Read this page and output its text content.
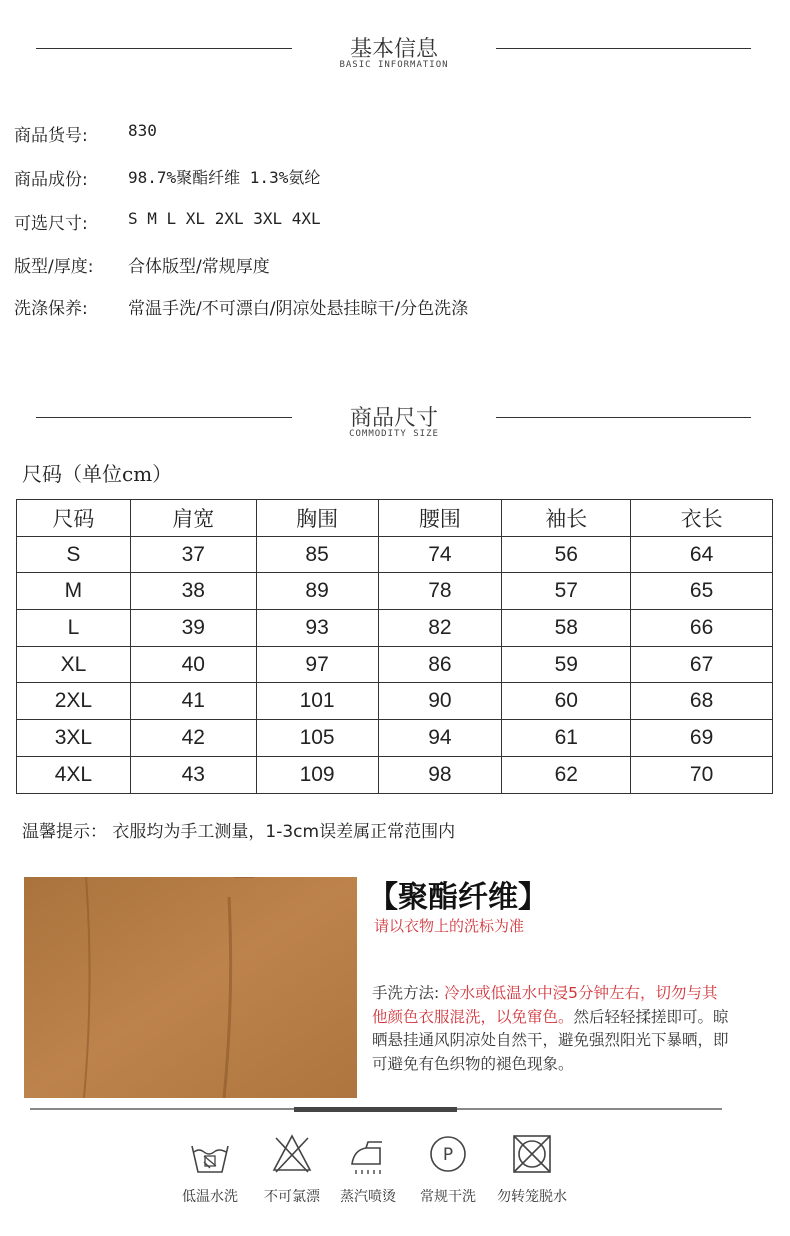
基本信息
BASIC INFORMATION
商品货号:	830
商品成份:	98.7%聚酯纤维 1.3%氨纶
可选尺寸:	S M L XL 2XL 3XL 4XL
版型/厚度: 合体版型/常规厚度
洗涤保养: 常温手洗/不可漂白/阴凉处悬挂晾干/分色洗涤
商品尺寸
COMMODITY SIZE
尺码（单位cm）
尺码	肩宽	胸围	腰围	袖长	衣长
S	37	85	74	56	64
M	38	89	78	57	65
L	39	93	82	58	66
XL	40	97	86	59	67
2XL	41	101	90	60	68
3XL	42	105	94	61	69
4XL	43	109	98	62	70
温馨提示： 衣服均为手工测量，1-3cm误差属正常范围内
【聚酯纤维】
请以衣物上的洗标为准
手洗方法: 冷水或低温水中浸5分钟左右，切勿与其他颜色衣服混洗，以免窜色。然后轻轻揉搓即可。晾晒悬挂通风阴凉处自然干，避免强烈阳光下暴晒，即可避免有色织物的褪色现象。
低温水洗	不可氯漂	蒸汽喷烫
P
常规干洗	勿转笼脱水
